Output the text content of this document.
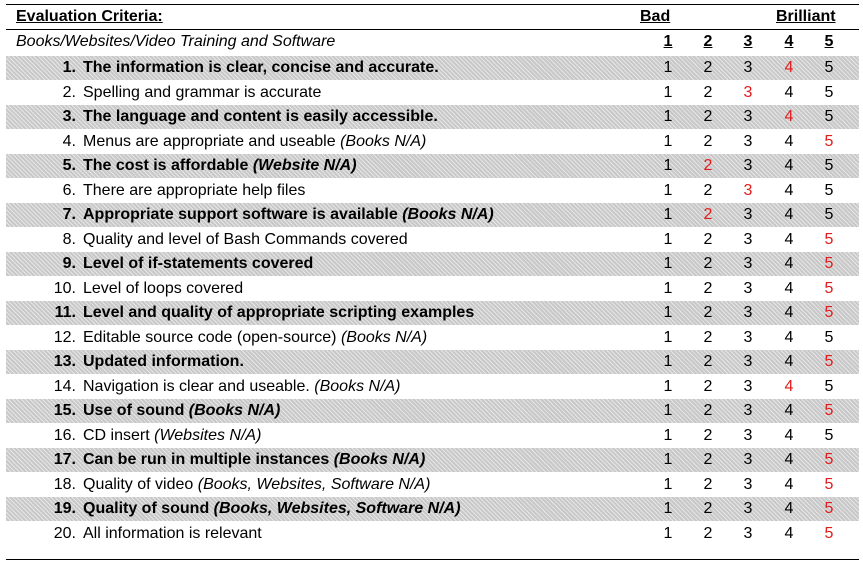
Evaluation Criteria:	Bad	Brilliant
Books/Websites/Video Training and Software	1	2	3	4	5
1. The information is clear, concise and accurate.	1	2	3	4	5
2. Spelling and grammar is accurate	1	2	3	4	5
3. The language and content is easily accessible.	1	2	3	4	5
4. Menus are appropriate and useable (Books N/A)	1	2	3	4	5
5. The cost is affordable (Website N/A)	1	2	3	4	5
6. There are appropriate help files	1	2	3	4	5
7. Appropriate support software is available (Books N/A)	1	2	3	4	5
8. Quality and level of Bash Commands covered	1	2	3	4	5
9. Level of if-statements covered	1	2	3	4	5
10. Level of loops covered	1	2	3	4	5
11. Level and quality of appropriate scripting examples	1	2	3	4	5
12. Editable source code (open-source) (Books N/A)	1	2	3	4	5
13. Updated information.	1	2	3	4	5
14. Navigation is clear and useable. (Books N/A)	1	2	3	4	5
15. Use of sound (Books N/A)	1	2	3	4	5
16. CD insert (Websites N/A)	1	2	3	4	5
17. Can be run in multiple instances (Books N/A)	1	2	3	4	5
18. Quality of video (Books, Websites, Software N/A)	1	2	3	4	5
19. Quality of sound (Books, Websites, Software N/A)	1	2	3	4	5
20. All information is relevant	1	2	3	4	5
